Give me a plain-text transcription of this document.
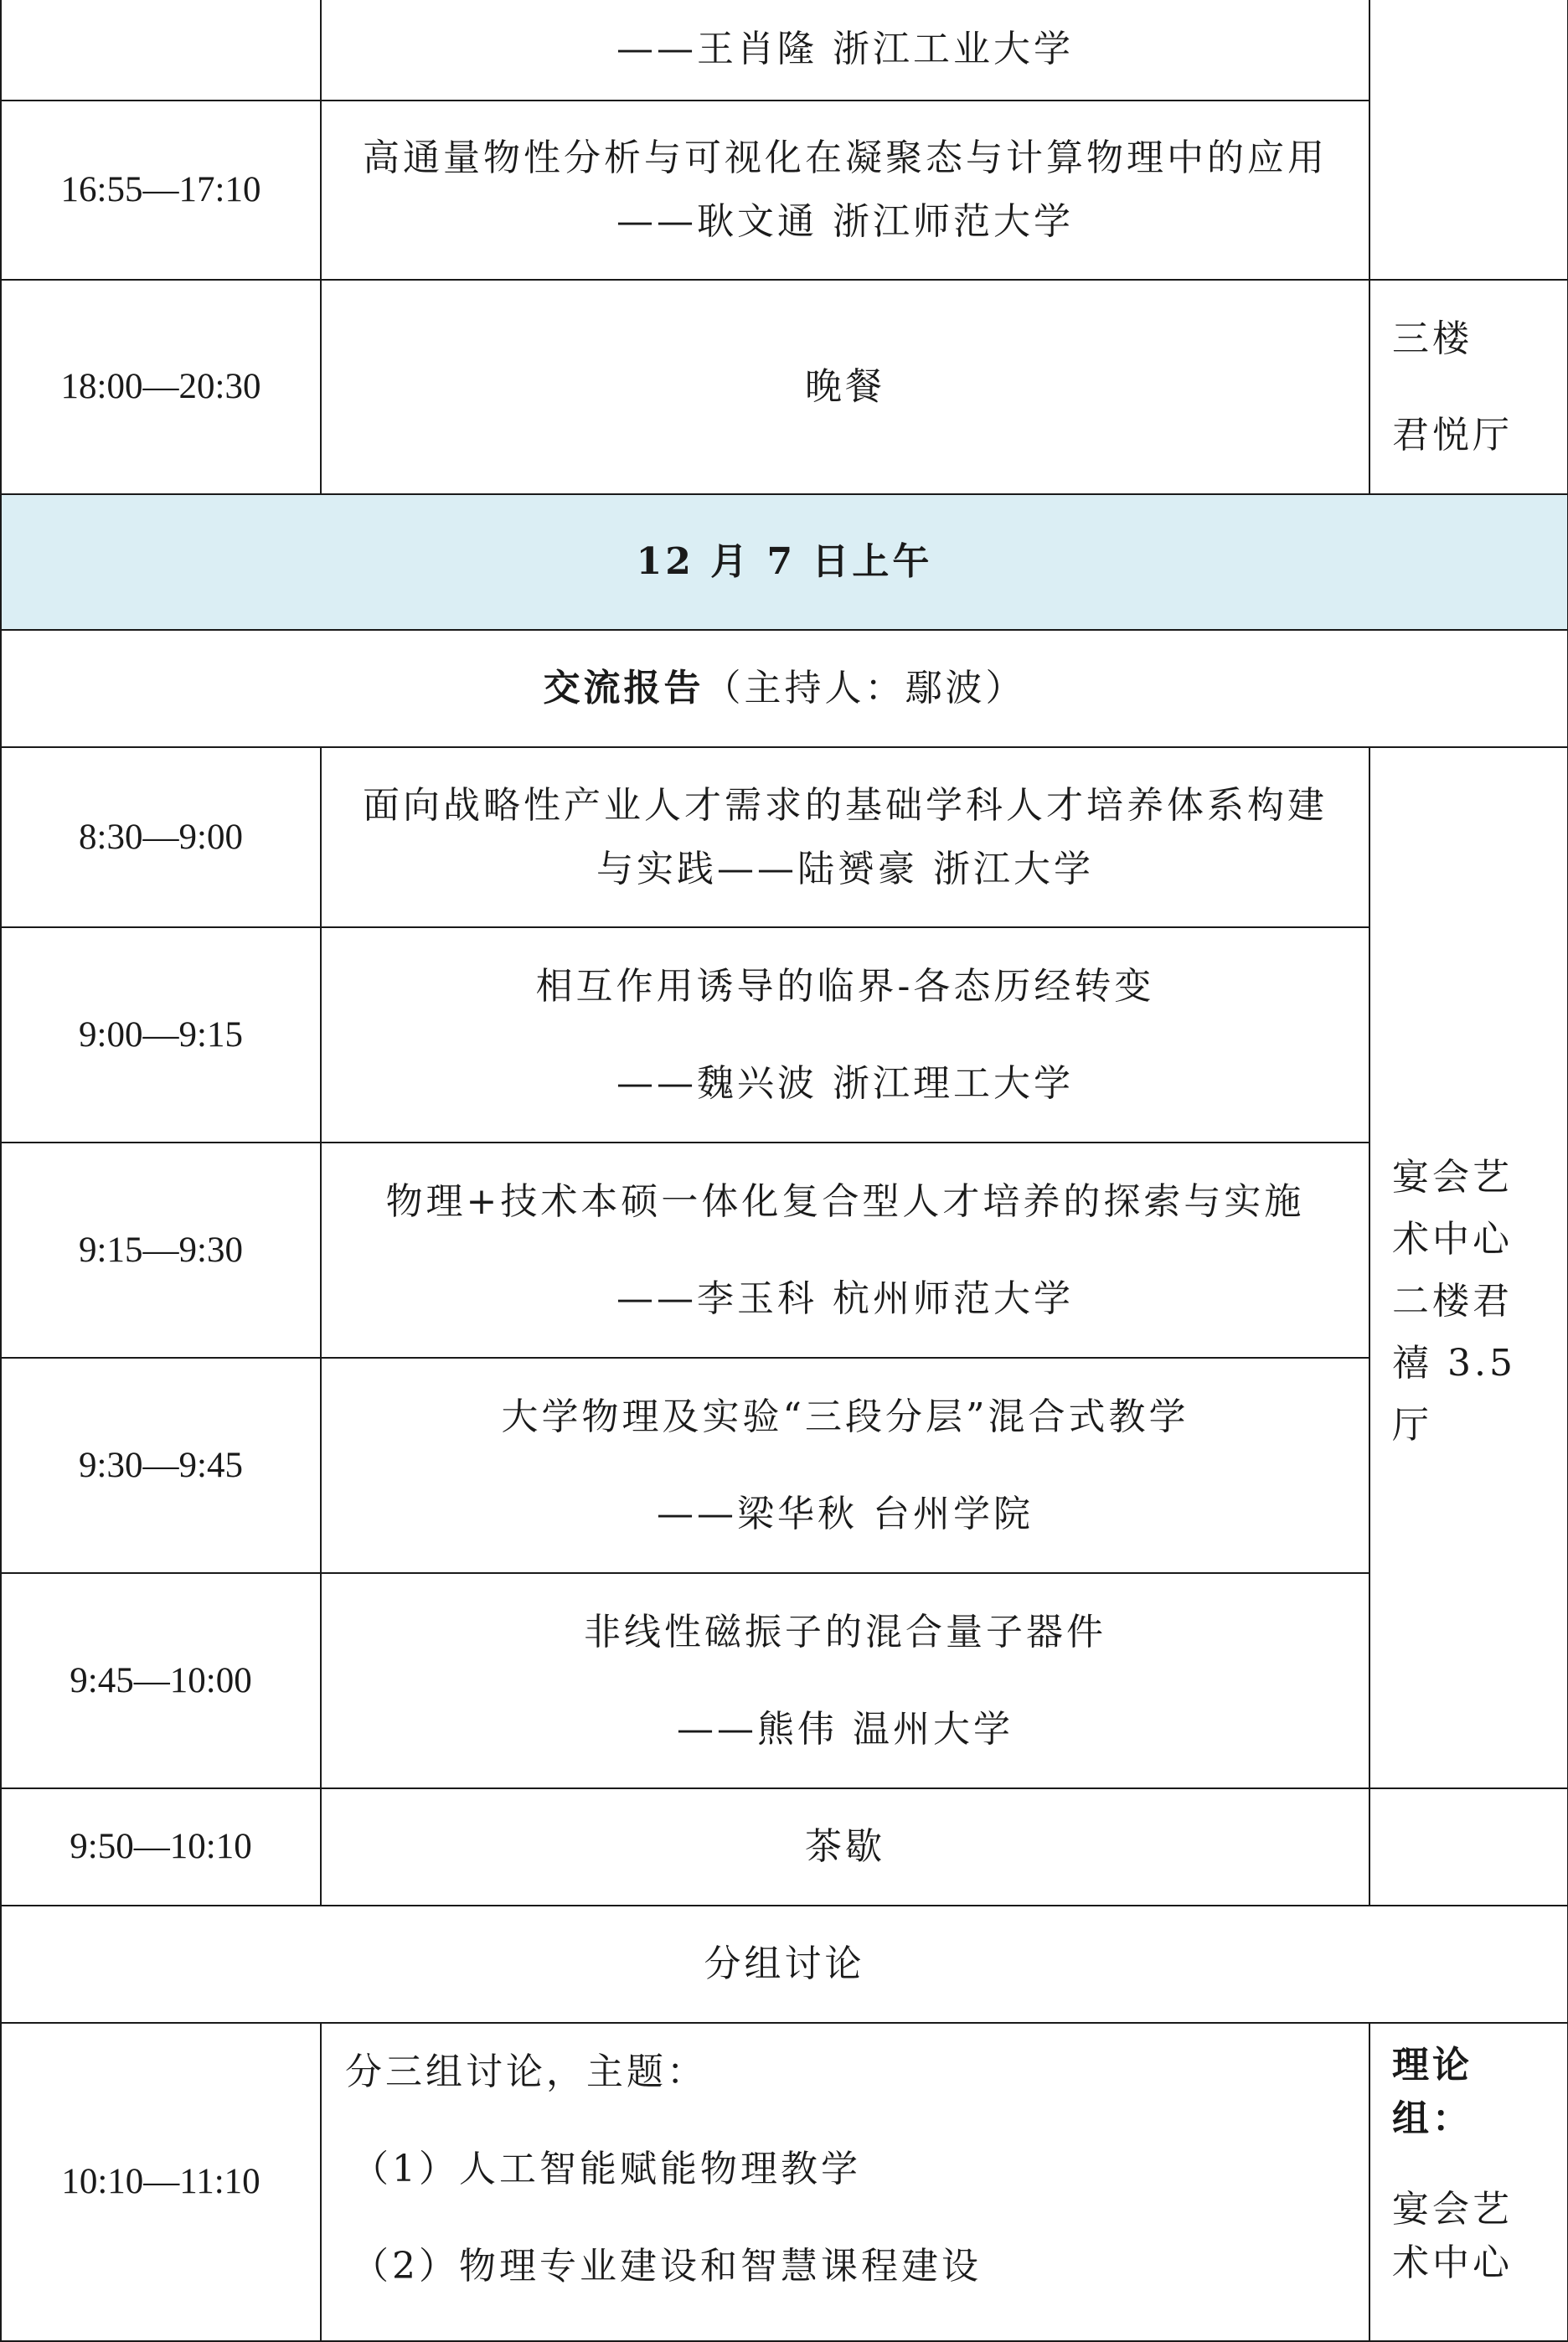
	——王肖隆 浙江工业大学	

16:55—17:10	高通量物性分析与可视化在凝聚态与计算物理中的应用
——耿文通 浙江师范大学	

18:00—20:30	晚餐	三楼
君悦厅

12 月 7 日上午		
交流报告（主持人：鄢波）		
8:30—9:00	面向战略性产业人才需求的基础学科人才培养体系构建
与实践——陆赟豪 浙江大学	宴会艺
术中心
二楼君
禧 3.5 厅

9:00—9:15	相互作用诱导的临界-各态历经转变
——魏兴波 浙江理工大学	

9:15—9:30	物理+技术本硕一体化复合型人才培养的探索与实施
——李玉科 杭州师范大学	

9:30—9:45	大学物理及实验“三段分层”混合式教学
——梁华秋 台州学院	

9:45—10:00	非线性磁振子的混合量子器件
——熊伟 温州大学	

9:50—10:10	茶歇	
分组讨论		
10:10—11:10	分三组讨论，主题：
（1）人工智能赋能物理教学
（2）物理专业建设和智慧课程建设	理论
组：
宴会艺
术中心
